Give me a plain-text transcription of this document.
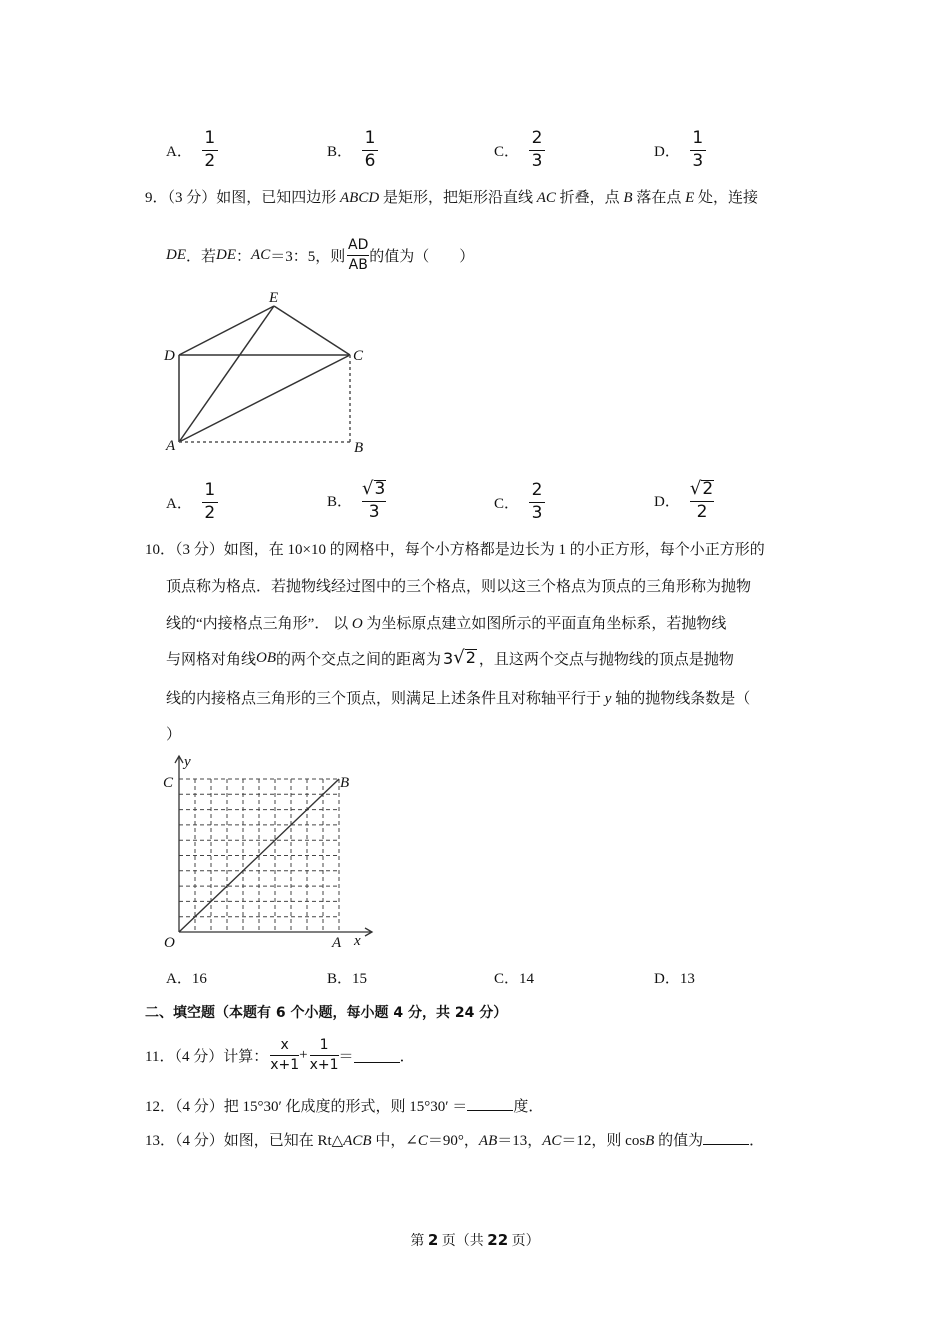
A． $\frac{1}{2}$	B． $\frac{1}{6}$	C． $\frac{2}{3}$	D． $\frac{1}{3}$
9．（3 分）如图，已知四边形 ABCD 是矩形，把矩形沿直线 AC 折叠，点 B 落在点 E 处，连接
DE ．若 DE ： AC ＝3：5，则 $\frac{AD}{AB}$ 的值为（　　）
E
D	C
A	B
A． $\frac{1}{2}$	B． $\frac{√ 3}{3}$	C． $\frac{2}{3}$	D． $\frac{√ 2}{2}$
10．（3 分）如图，在 10×10 的网格中，每个小方格都是边长为 1 的小正方形，每个小正方形的
顶点称为格点．若抛物线经过图中的三个格点，则以这三个格点为顶点的三角形称为抛物
线的“内接格点三角形”． 以 O 为坐标原点建立如图所示的平面直角坐标系，若抛物线
与网格对角线 OB 的两个交点之间的距离为 3 √ 2 ，且这两个交点与抛物线的顶点是抛物
线的内接格点三角形的三个顶点，则满足上述条件且对称轴平行于 y 轴的抛物线条数是（
）
y
C	B
O	A x
A．16	B．15	C．14	D．13
二、填空题（本题有 6 个小题，每小题 4 分，共 24 分）
11．（4 分）计算： $\frac{x}{x+1} + \frac{1}{x+1}$ ＝	．
12．（4 分）把 15°30′ 化成度的形式，则 15°30′ ＝	度．
13．（4 分）如图，已知在 Rt△ACB 中，∠C＝90°，AB＝13，AC＝12，则 cosB 的值为	．
第 2 页（共 22 页）
